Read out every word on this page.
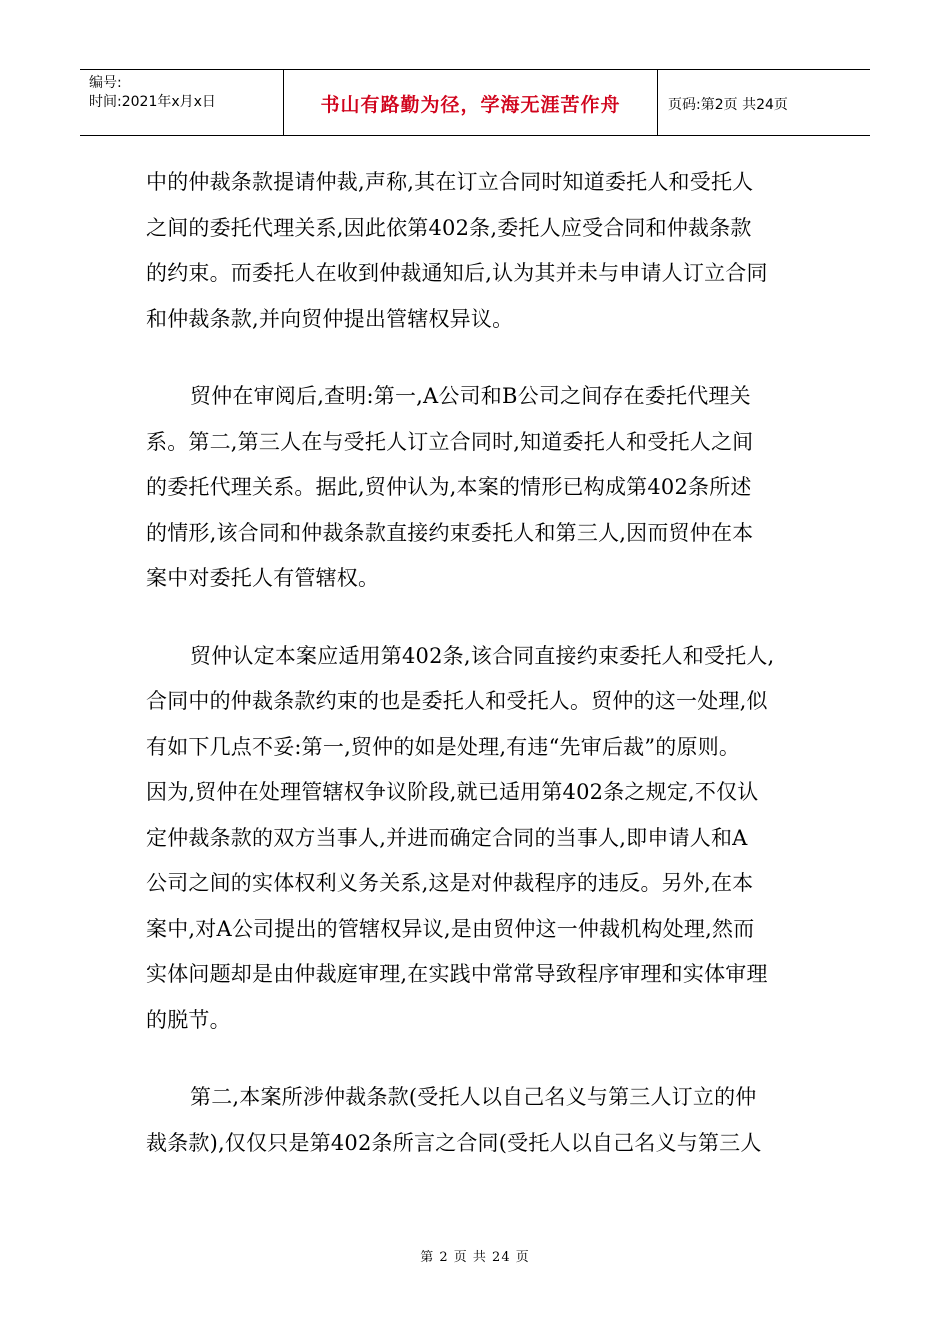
编号:
时间:2021年x月x日	书山有路勤为径，学海无涯苦作舟	页码:第2页 共24页

中的仲裁条款提请仲裁,声称,其在订立合同时知道委托人和受托人
之间的委托代理关系,因此依第402条,委托人应受合同和仲裁条款
的约束。而委托人在收到仲裁通知后,认为其并未与申请人订立合同
和仲裁条款,并向贸仲提出管辖权异议。

贸仲在审阅后,查明:第一,A公司和B公司之间存在委托代理关
系。第二,第三人在与受托人订立合同时,知道委托人和受托人之间
的委托代理关系。据此,贸仲认为,本案的情形已构成第402条所述
的情形,该合同和仲裁条款直接约束委托人和第三人,因而贸仲在本
案中对委托人有管辖权。

贸仲认定本案应适用第402条,该合同直接约束委托人和受托人,
合同中的仲裁条款约束的也是委托人和受托人。贸仲的这一处理,似
有如下几点不妥:第一,贸仲的如是处理,有违“先审后裁”的原则。
因为,贸仲在处理管辖权争议阶段,就已适用第402条之规定,不仅认
定仲裁条款的双方当事人,并进而确定合同的当事人,即申请人和A
公司之间的实体权利义务关系,这是对仲裁程序的违反。另外,在本
案中,对A公司提出的管辖权异议,是由贸仲这一仲裁机构处理,然而
实体问题却是由仲裁庭审理,在实践中常常导致程序审理和实体审理
的脱节。

第二,本案所涉仲裁条款(受托人以自己名义与第三人订立的仲
裁条款),仅仅只是第402条所言之合同(受托人以自己名义与第三人

第 2 页 共 24 页
